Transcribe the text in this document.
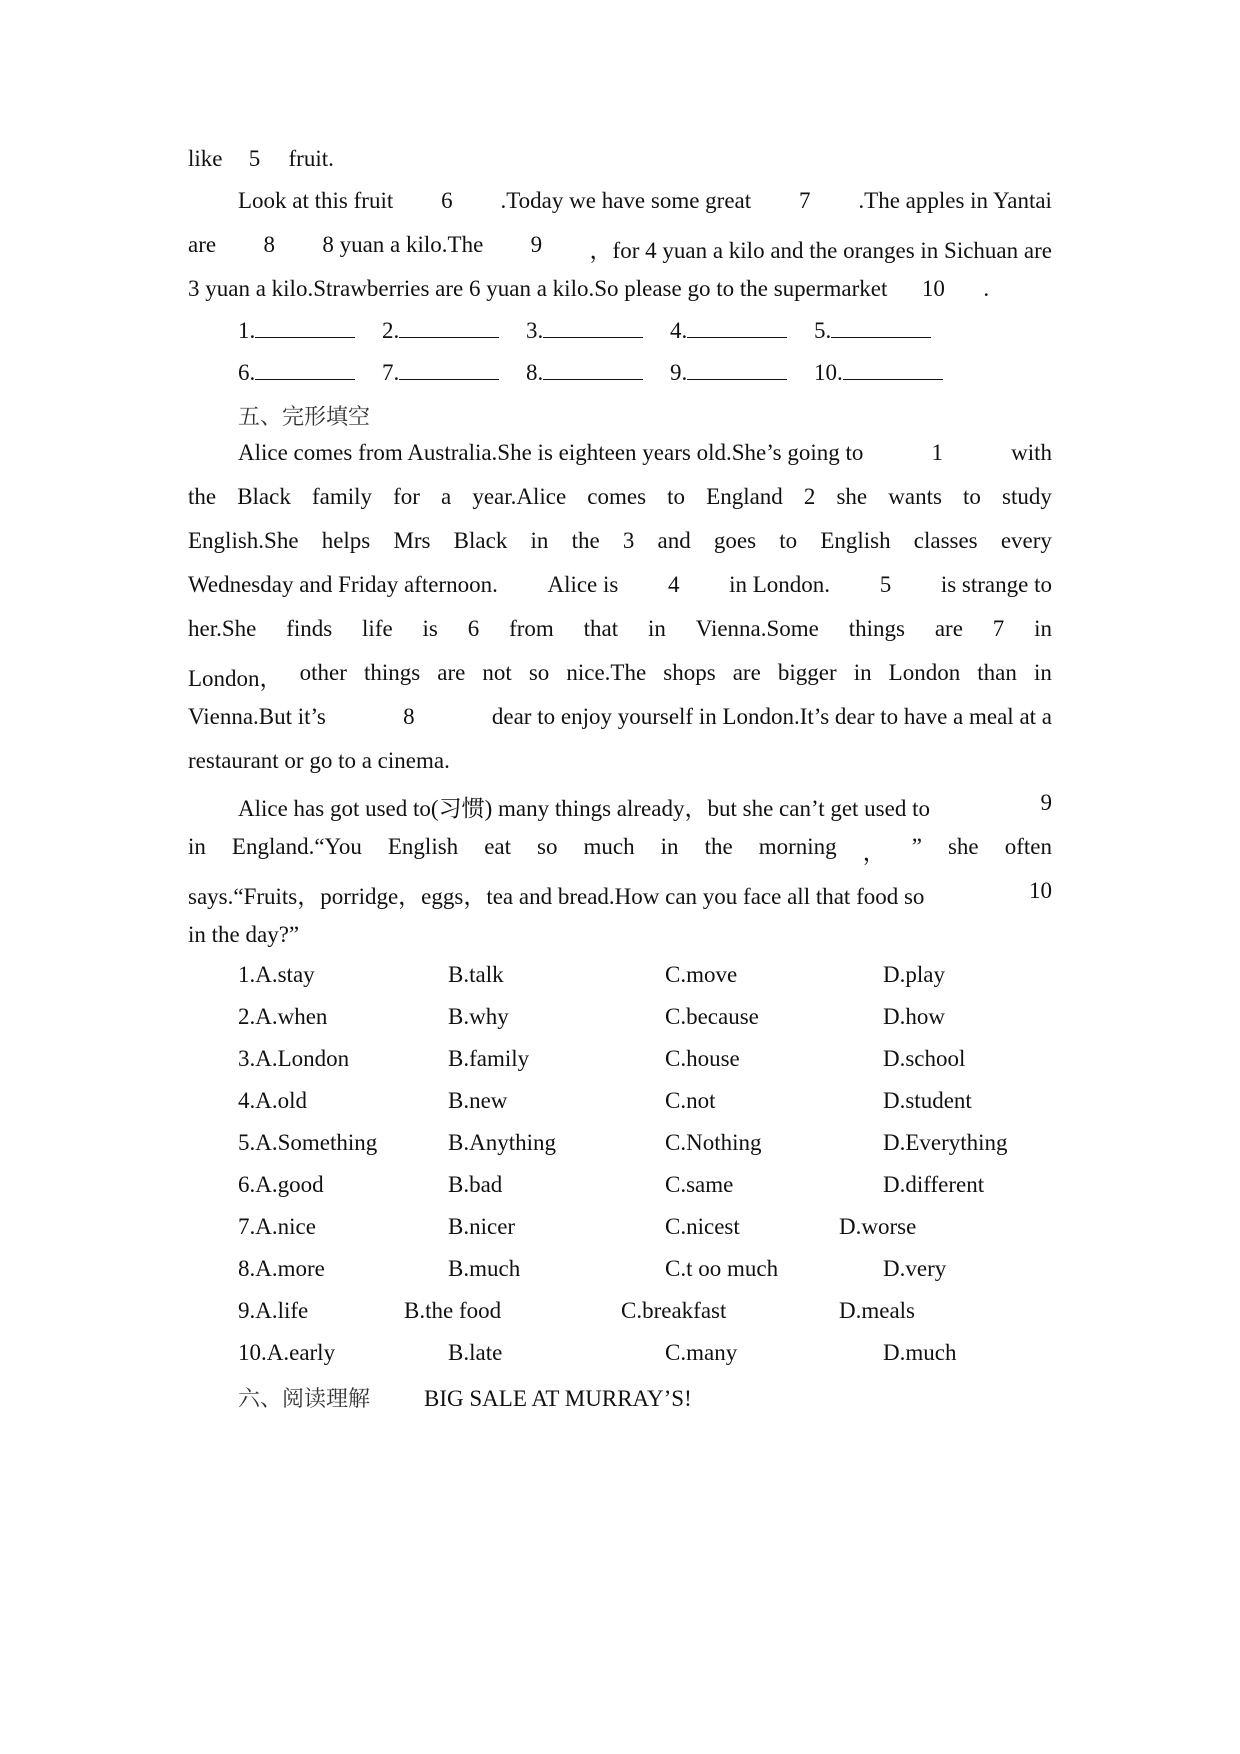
like 5 fruit.
Look at this fruit 6 .Today we have some great 7 .The apples in Yantai
are 8 8 yuan a kilo.The 9 ，for 4 yuan a kilo and the oranges in Sichuan are
3 yuan a kilo.Strawberries are 6 yuan a kilo.So please go to the supermarket 10 .
1.	2.	3.	4.	5.
6.	7.	8.	9.	10.
五、完形填空
Alice comes from Australia.She is eighteen years old.She’s going to	1	with
the Black family for a year.Alice comes to England 2 she wants to study
English.She helps Mrs Black in the 3 and goes to English classes every
Wednesday and Friday afternoon. Alice is 4 in London. 5 is strange to
her.She finds life is 6 from that in Vienna.Some things are 7 in
London， other things are not so nice.The shops are bigger in London than in
Vienna.But it’s	8	dear to enjoy yourself in London.It’s dear to have a meal at a
restaurant or go to a cinema.
Alice has got used to(习惯) many things already，but she can’t get used to	9
in England.“You English eat so much in the morning ， ” she often
says.“Fruits，porridge，eggs，tea and bread.How can you face all that food so	10
in the day?”
1.A.stay	B.talk	C.move	D.play
2.A.when	B.why	C.because	D.how
3.A.London	B.family	C.house	D.school
4.A.old	B.new	C.not	D.student
5.A.Something	B.Anything	C.Nothing	D.Everything
6.A.good	B.bad	C.same	D.different
7.A.nice	B.nicer	C.nicest	D.worse
8.A.more	B.much	C.t oo much	D.very
9.A.life	B.the food	C.breakfast	D.meals
10.A.early	B.late	C.many	D.much
六、阅读理解 BIG SALE AT MURRAY’S!
